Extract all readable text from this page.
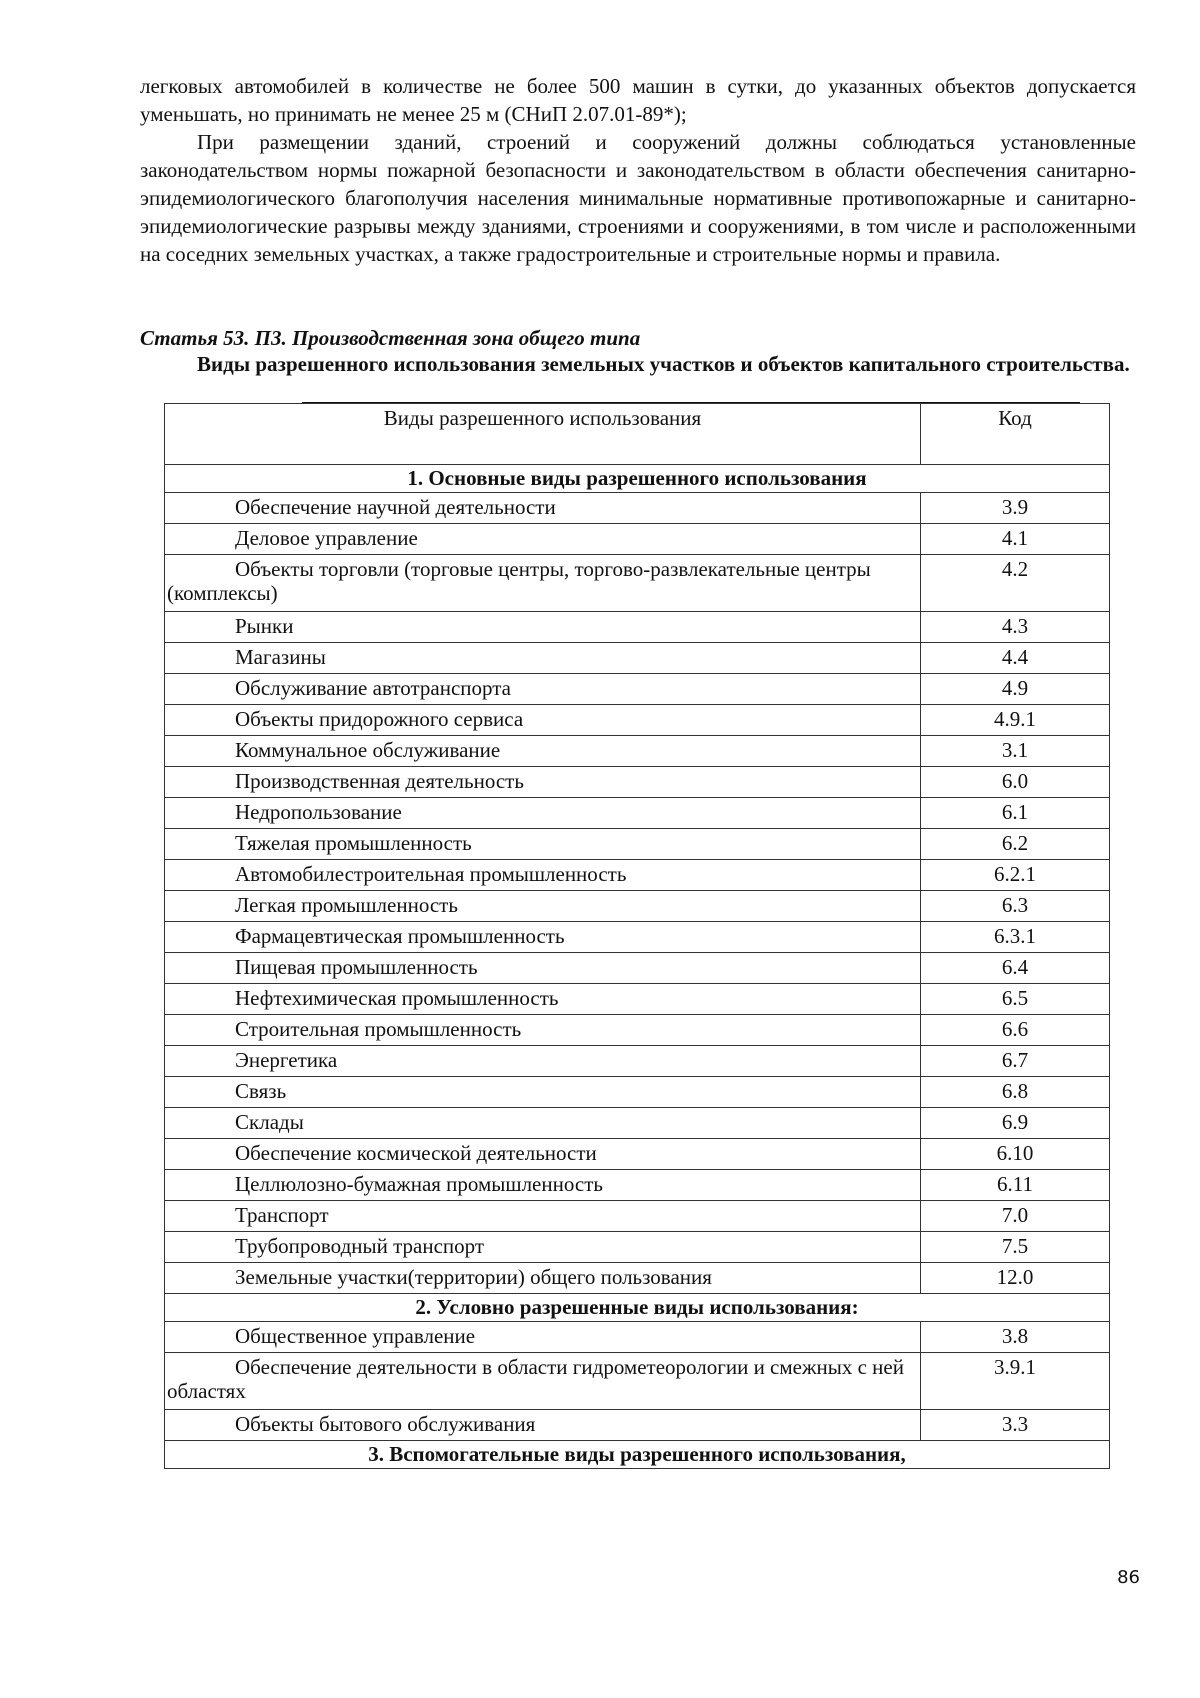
легковых автомобилей в количестве не более 500 машин в сутки, до указанных объектов допускается уменьшать, но принимать не менее 25 м (СНиП 2.07.01-89*);

При размещении зданий, строений и сооружений должны соблюдаться установленные законодательством нормы пожарной безопасности и законодательством в области обеспечения санитарно-эпидемиологического благополучия населения минимальные нормативные противопожарные и санитарно-эпидемиологические разрывы между зданиями, строениями и сооружениями, в том числе и расположенными на соседних земельных участках, а также градостроительные и строительные нормы и правила.

Статья 53. П3. Производственная зона общего типа
Виды разрешенного использования земельных участков и объектов капитального строительства.
Виды разрешенного использования	Код
1. Основные виды разрешенного использования	
Обеспечение научной деятельности	3.9
Деловое управление	4.1
Объекты торговли (торговые центры, торгово-развлекательные центры (комплексы)	4.2
Рынки	4.3
Магазины	4.4
Обслуживание автотранспорта	4.9
Объекты придорожного сервиса	4.9.1
Коммунальное обслуживание	3.1
Производственная деятельность	6.0
Недропользование	6.1
Тяжелая промышленность	6.2
Автомобилестроительная промышленность	6.2.1
Легкая промышленность	6.3
Фармацевтическая промышленность	6.3.1
Пищевая промышленность	6.4
Нефтехимическая промышленность	6.5
Строительная промышленность	6.6
Энергетика	6.7
Связь	6.8
Склады	6.9
Обеспечение космической деятельности	6.10
Целлюлозно-бумажная промышленность	6.11
Транспорт	7.0
Трубопроводный транспорт	7.5
Земельные участки(территории) общего пользования	12.0
2. Условно разрешенные виды использования:	
Общественное управление	3.8
Обеспечение деятельности в области гидрометеорологии и смежных с ней областях	3.9.1
Объекты бытового обслуживания	3.3
3. Вспомогательные виды разрешенного использования,	
86
